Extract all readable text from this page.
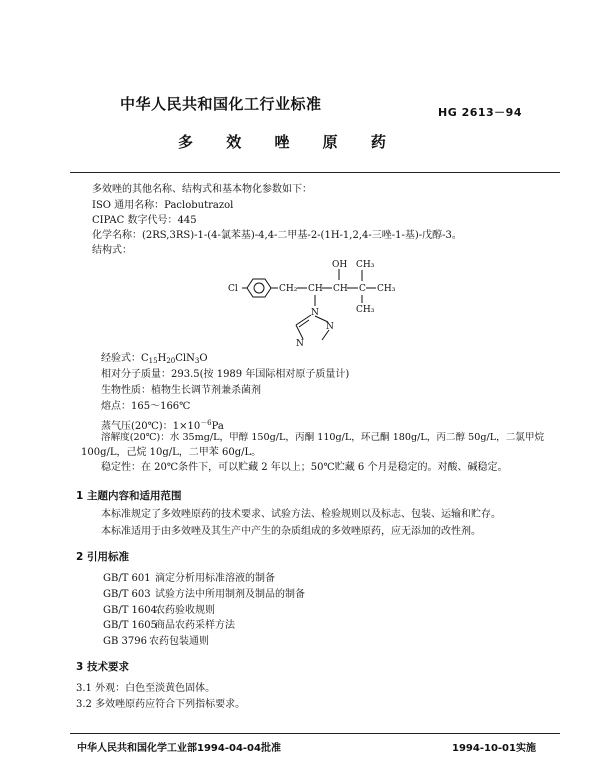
中华人民共和国化工行业标准	HG 2613－94
多 效 唑 原 药
多效唑的其他名称、结构式和基本物化参数如下：
ISO 通用名称：Paclobutrazol
CIPAC 数字代号：445
化学名称：(2RS,3RS)-1-(4-氯苯基)-4,4-二甲基-2-(1H-1,2,4-三唑-1-基)-戊醇-3。
结构式：
Cl	CH₂ CH CH C CH₃
OH CH₃
CH₃
N
N
N
经验式：$C_{15}H_{20}ClN_3O$
相对分子质量：293.5(按 1989 年国际相对原子质量计)
生物性质：植物生长调节剂兼杀菌剂
熔点：165～166℃
蒸气压(20℃)：$1\times 10^{-6}Pa$
溶解度(20℃)：水 35mg/L，甲醇 150g/L，丙酮 110g/L，环己酮 180g/L，丙二醇 50g/L，二氯甲烷
100g/L，己烷 10g/L，二甲苯 60g/L。
稳定性：在 20℃条件下，可以贮藏 2 年以上；50℃贮藏 6 个月是稳定的。对酸、碱稳定。
1 主题内容和适用范围
本标准规定了多效唑原药的技术要求、试验方法、检验规则以及标志、包装、运输和贮存。
本标准适用于由多效唑及其生产中产生的杂质组成的多效唑原药，应无添加的改性剂。
2 引用标准
GB/T 601 滴定分析用标准溶液的制备
GB/T 603 试验方法中所用制剂及制品的制备
GB/T 1604农药验收规则
GB/T 1605商品农药采样方法
GB 3796 农药包装通则
3 技术要求
3.1 外观：白色至淡黄色固体。
3.2 多效唑原药应符合下列指标要求。
中华人民共和国化学工业部1994-04-04批准	1994-10-01实施
